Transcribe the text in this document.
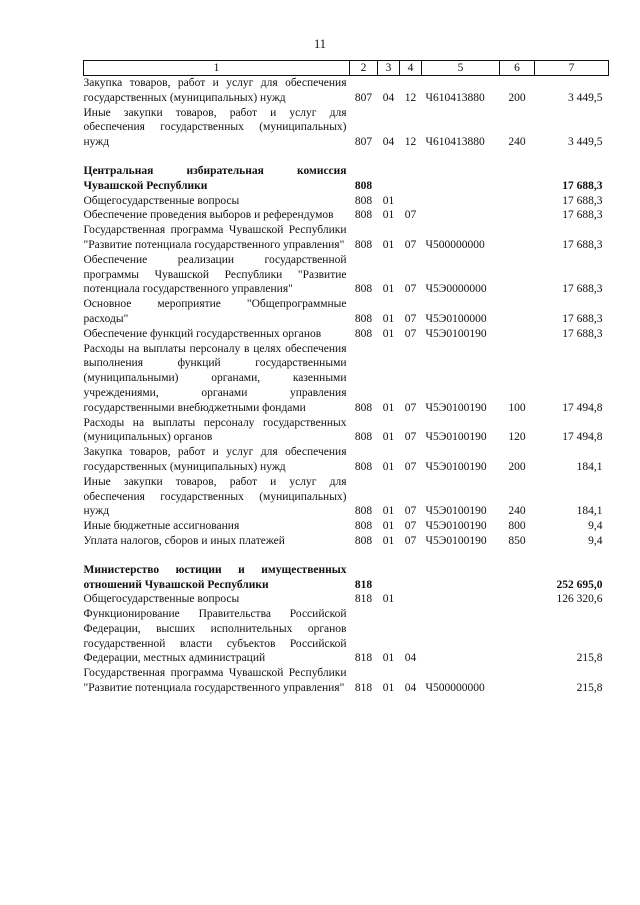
11
1	2	3	4	5	6	7
Закупка товаров, работ и услуг для обеспечения государственных (муниципальных) нужд	807	04	12	Ч610413880	200	3 449,5
Иные закупки товаров, работ и услуг для обеспечения государственных (муниципальных) нужд	807	04	12	Ч610413880	240	3 449,5

Центральная избирательная комиссия Чувашской Республики	808					17 688,3
Общегосударственные вопросы	808	01				17 688,3
Обеспечение проведения выборов и референдумов	808	01	07			17 688,3
Государственная программа Чувашской Республики "Развитие потенциала государственного управления"	808	01	07	Ч500000000		17 688,3
Обеспечение реализации государственной программы Чувашской Республики "Развитие потенциала государственного управления"	808	01	07	Ч5Э0000000		17 688,3
Основное мероприятие "Общепрограммные расходы"	808	01	07	Ч5Э0100000		17 688,3
Обеспечение функций государственных органов	808	01	07	Ч5Э0100190		17 688,3
Расходы на выплаты персоналу в целях обеспечения выполнения функций государственными (муниципальными) органами, казенными учреждениями, органами управления государственными внебюджетными фондами	808	01	07	Ч5Э0100190	100	17 494,8
Расходы на выплаты персоналу государственных (муниципальных) органов	808	01	07	Ч5Э0100190	120	17 494,8
Закупка товаров, работ и услуг для обеспечения государственных (муниципальных) нужд	808	01	07	Ч5Э0100190	200	184,1
Иные закупки товаров, работ и услуг для обеспечения государственных (муниципальных) нужд	808	01	07	Ч5Э0100190	240	184,1
Иные бюджетные ассигнования	808	01	07	Ч5Э0100190	800	9,4
Уплата налогов, сборов и иных платежей	808	01	07	Ч5Э0100190	850	9,4

Министерство юстиции и имущественных отношений Чувашской Республики	818					252 695,0
Общегосударственные вопросы	818	01				126 320,6
Функционирование Правительства Российской Федерации, высших исполнительных органов государственной власти субъектов Российской Федерации, местных администраций	818	01	04			215,8
Государственная программа Чувашской Республики "Развитие потенциала государственного управления"	818	01	04	Ч500000000		215,8
